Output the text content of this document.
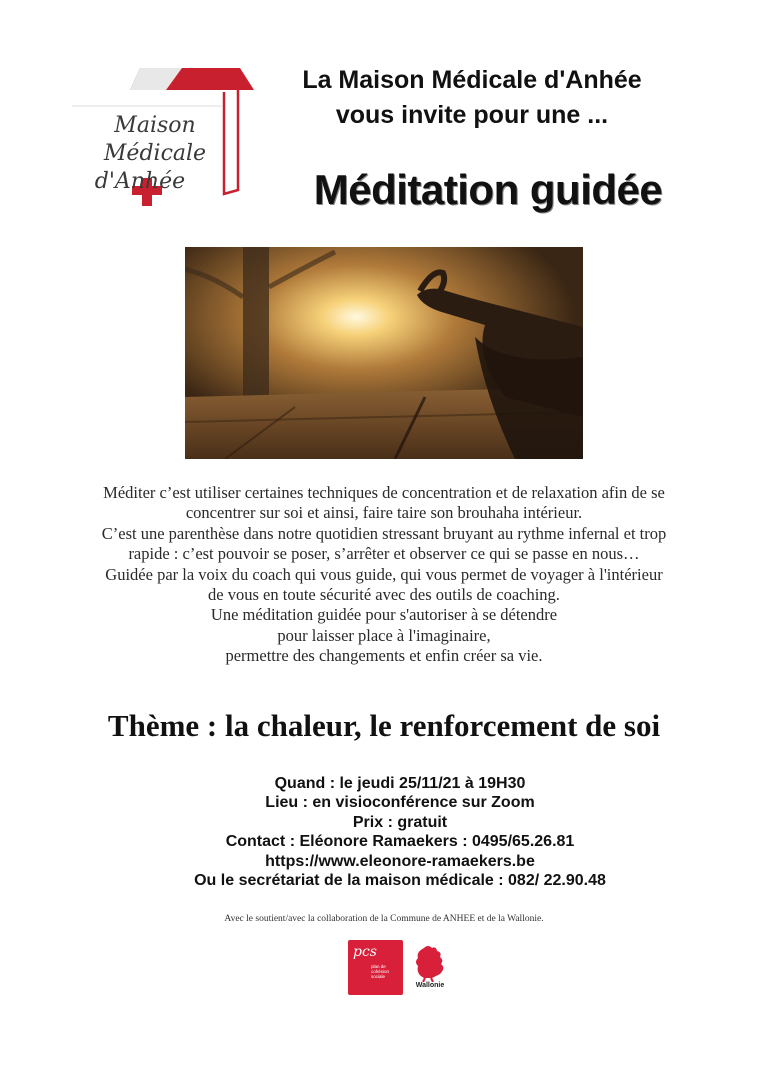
Maison Médicale
d'Anhée
La Maison Médicale d'Anhée
vous invite pour une ...
Méditation guidée
Méditer c’est utiliser certaines techniques de concentration et de relaxation afin de se
concentrer sur soi et ainsi, faire taire son brouhaha intérieur.
C’est une parenthèse dans notre quotidien stressant bruyant au rythme infernal et trop
rapide : c’est pouvoir se poser, s’arrêter et observer ce qui se passe en nous…
Guidée par la voix du coach qui vous guide, qui vous permet de voyager à l'intérieur
de vous en toute sécurité avec des outils de coaching.
Une méditation guidée pour s'autoriser à se détendre
pour laisser place à l'imaginaire,
permettre des changements et enfin créer sa vie.
Thème : la chaleur, le renforcement de soi
Quand : le jeudi 25/11/21 à 19H30
Lieu : en visioconférence sur Zoom
Prix : gratuit
Contact : Eléonore Ramaekers : 0495/65.26.81
https://www.eleonore-ramaekers.be
Ou le secrétariat de la maison médicale : 082/ 22.90.48
Avec le soutient/avec la collaboration de la Commune de ANHEE et de la Wallonie.
pcs
plan de cohésion sociale
Wallonie
